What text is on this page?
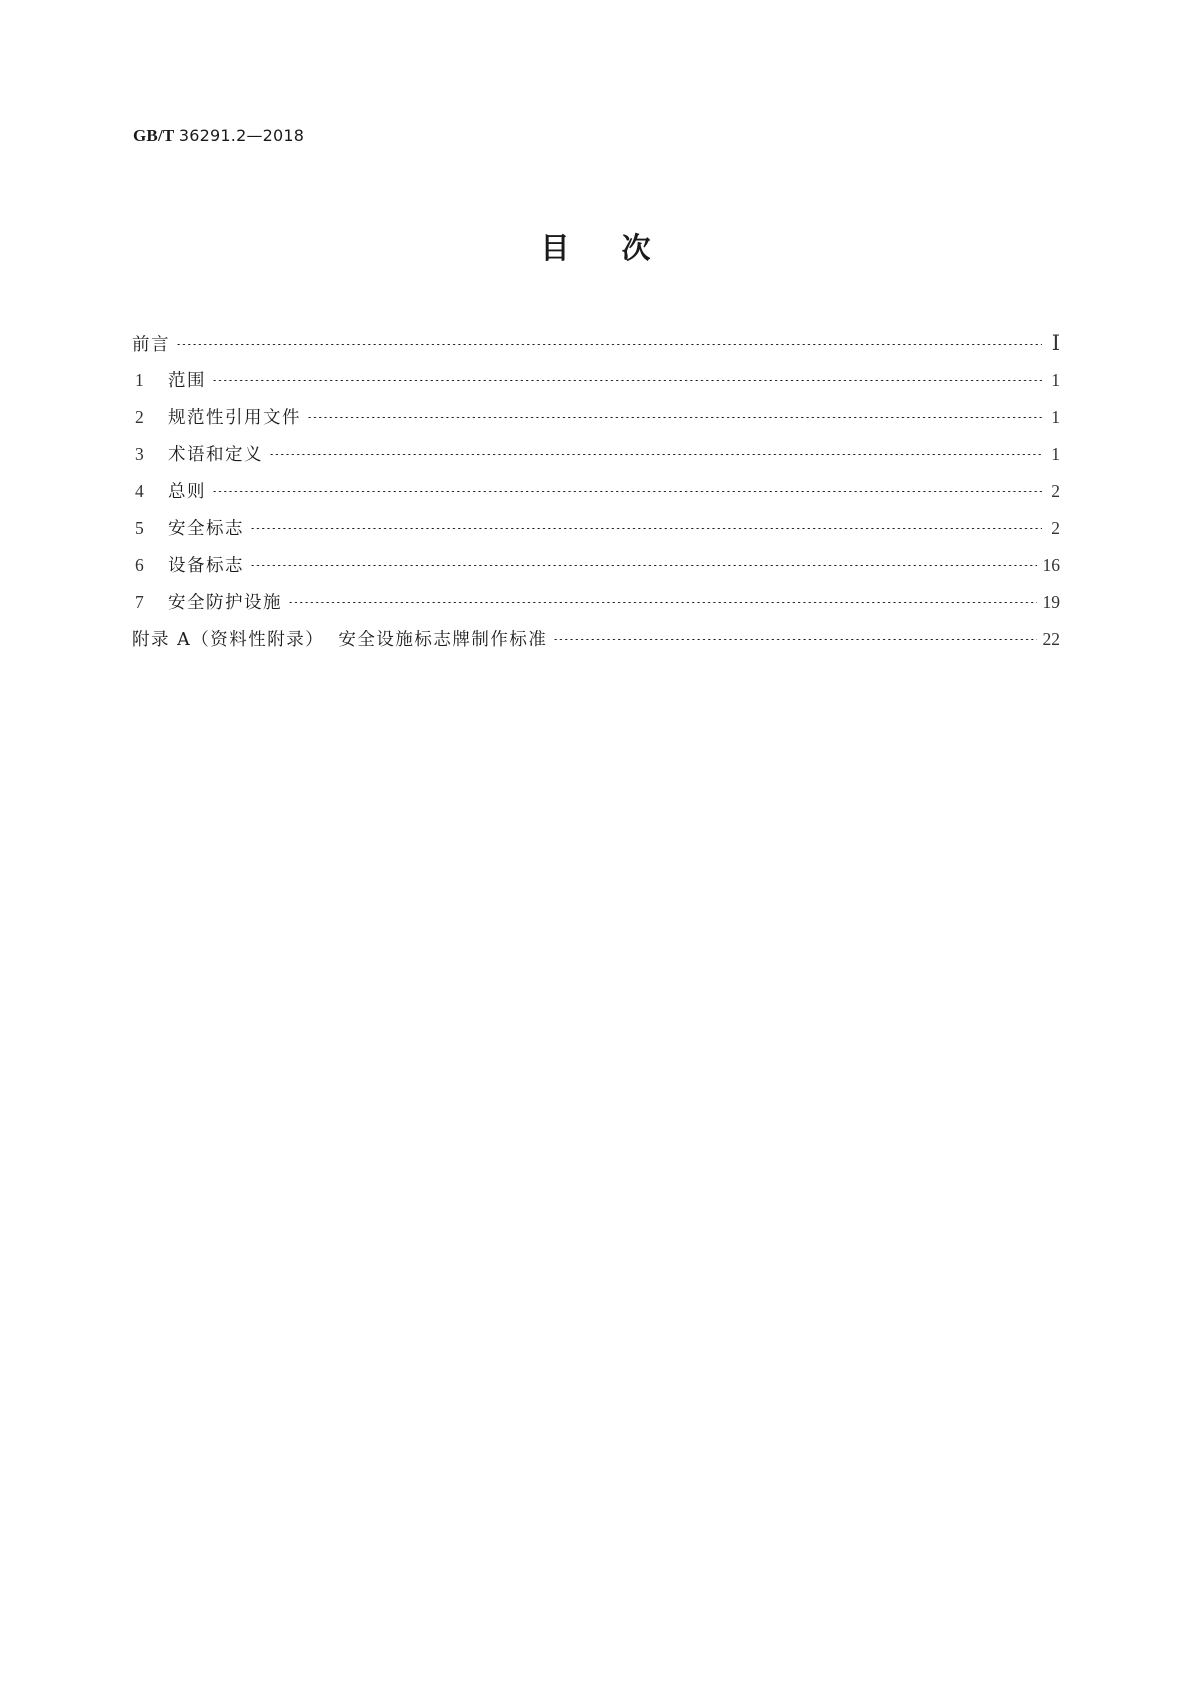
GB/T 36291.2—2018
目次
前言	Ⅰ
1	范围	1
2	规范性引用文件	1
3	术语和定义	1
4	总则	2
5	安全标志	2
6	设备标志	16
7	安全防护设施	19
附录 A（资料性附录）  安全设施标志牌制作标准	22
